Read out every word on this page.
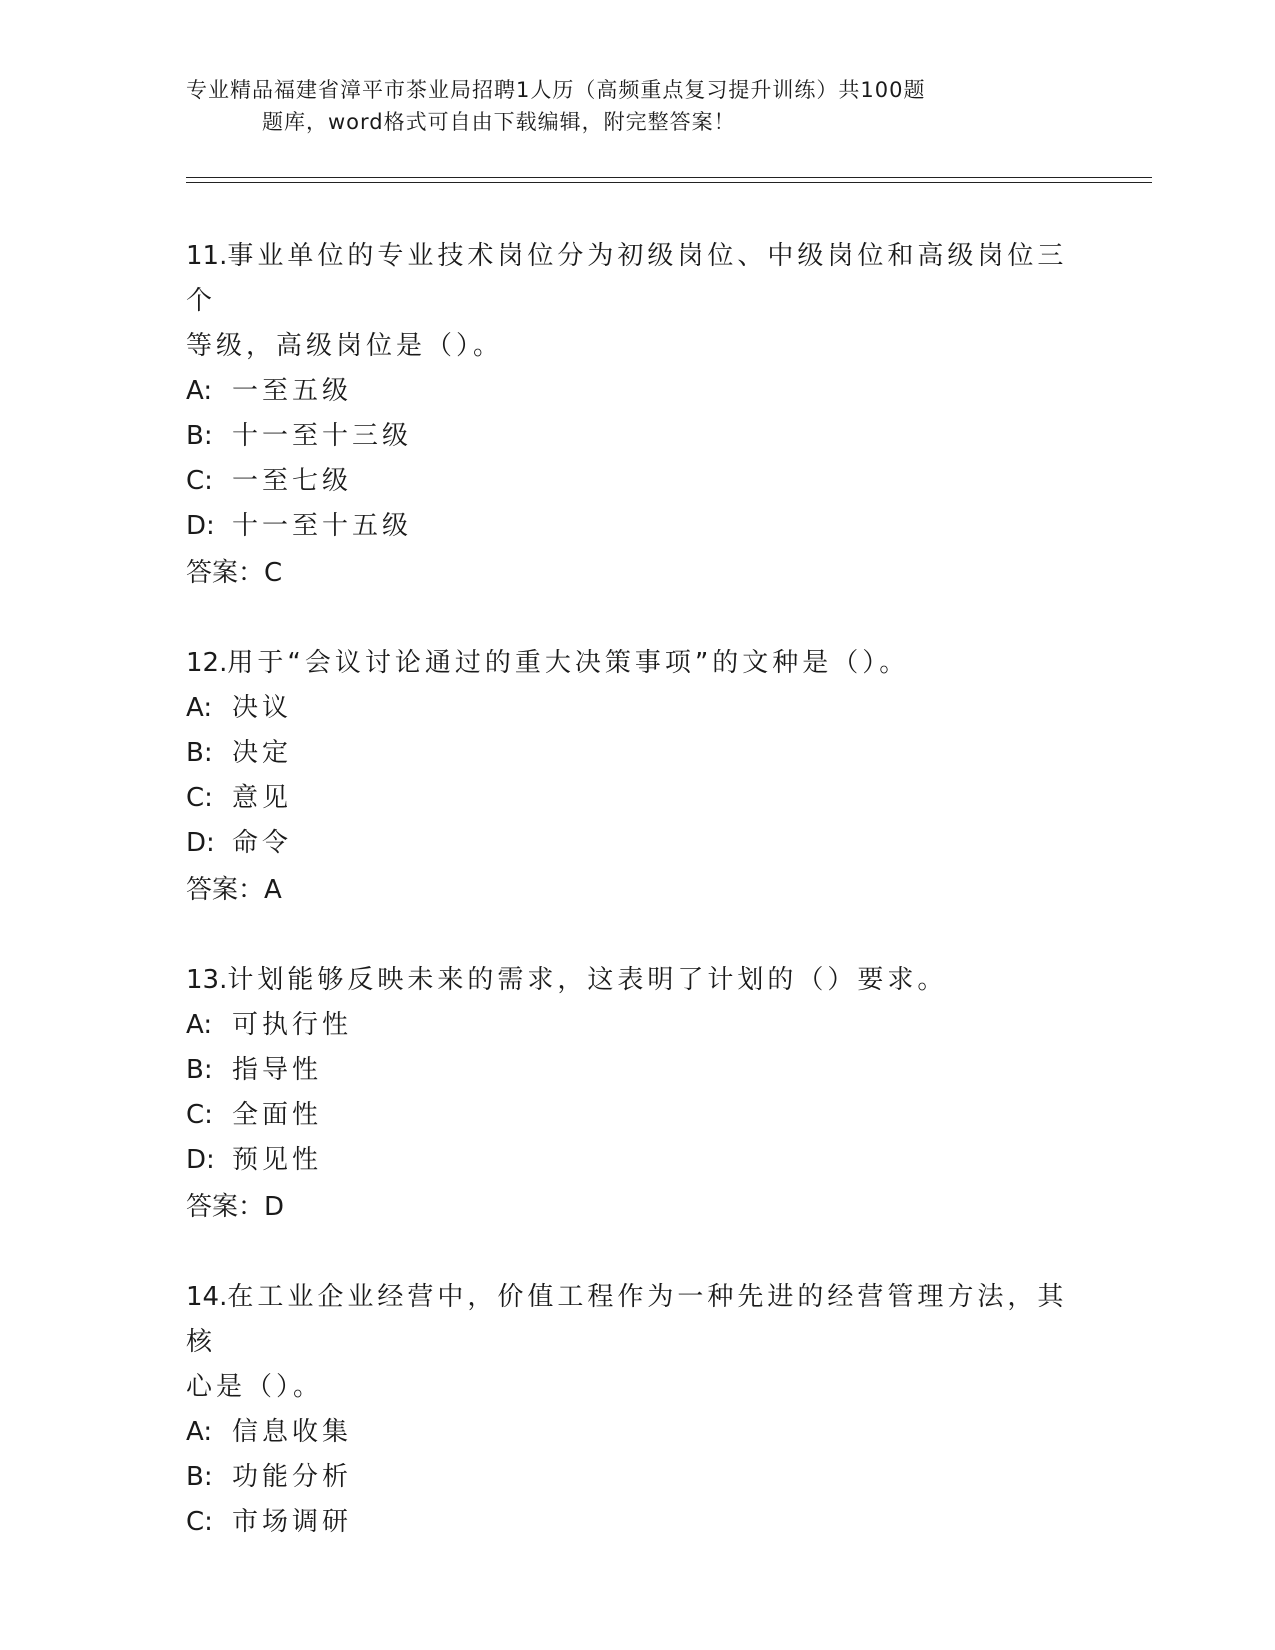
专业精品福建省漳平市茶业局招聘1人历（高频重点复习提升训练）共100题
题库，word格式可自由下载编辑，附完整答案！

11.事业单位的专业技术岗位分为初级岗位、中级岗位和高级岗位三个

等级，高级岗位是（）。

A: 一至五级

B: 十一至十三级

C: 一至七级

D: 十一至十五级

答案：C

12.用于“会议讨论通过的重大决策事项”的文种是（）。

A: 决议

B: 决定

C: 意见

D: 命令

答案：A

13.计划能够反映未来的需求，这表明了计划的（）要求。

A: 可执行性

B: 指导性

C: 全面性

D: 预见性

答案：D

14.在工业企业经营中，价值工程作为一种先进的经营管理方法，其核

心是（）。

A: 信息收集

B: 功能分析

C: 市场调研
